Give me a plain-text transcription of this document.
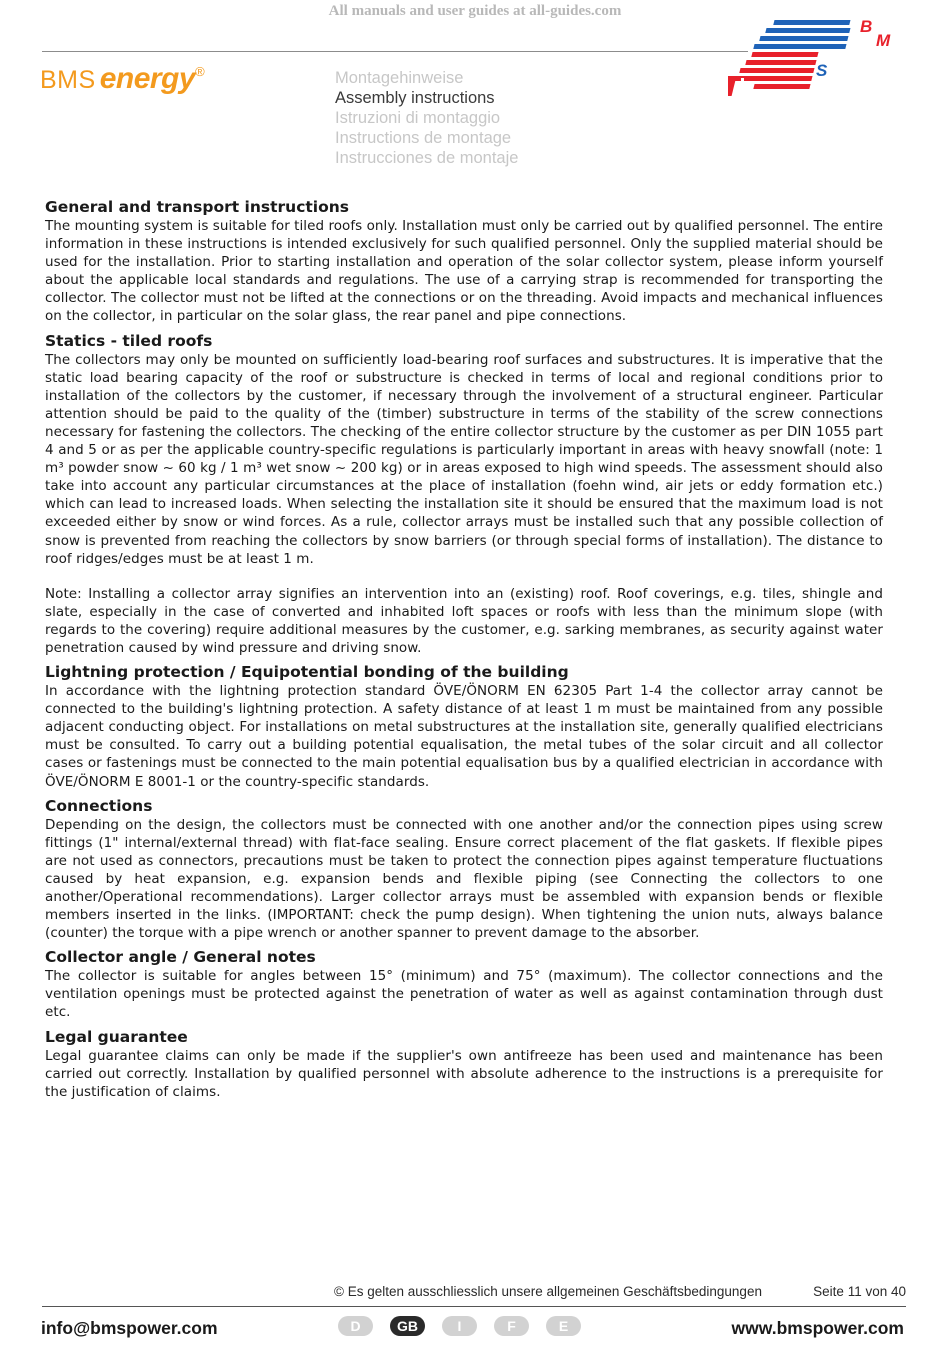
All manuals and user guides at all-guides.com
BMS energy®	Montagehinweise
Assembly instructions
Istruzioni di montaggio
Instructions de montage
Instrucciones de montaje
B
M
S
General and transport instructions

The mounting system is suitable for tiled roofs only. Installation must only be carried out by qualified personnel. The entire information in these instructions is intended exclusively for such qualified personnel. Only the supplied material should be used for the installation. Prior to starting installation and operation of the solar collector system, please inform yourself about the applicable local standards and regulations. The use of a carrying strap is recommended for transporting the collector. The collector must not be lifted at the connections or on the threading. Avoid impacts and mechanical influences on the collector, in particular on the solar glass, the rear panel and pipe connections.

Statics - tiled roofs

The collectors may only be mounted on sufficiently load-bearing roof surfaces and substructures. It is imperative that the static load bearing capacity of the roof or substructure is checked in terms of local and regional conditions prior to installation of the collectors by the customer, if necessary through the involvement of a structural engineer. Particular attention should be paid to the quality of the (timber) substructure in terms of the stability of the screw connections necessary for fastening the collectors. The checking of the entire collector structure by the customer as per DIN 1055 part 4 and 5 or as per the applicable country-specific regulations is particularly important in areas with heavy snowfall (note: 1 m³ powder snow ~ 60 kg / 1 m³ wet snow ~ 200 kg) or in areas exposed to high wind speeds. The assessment should also take into account any particular circumstances at the place of installation (foehn wind, air jets or eddy formation etc.) which can lead to increased loads. When selecting the installation site it should be ensured that the maximum load is not exceeded either by snow or wind forces. As a rule, collector arrays must be installed such that any possible collection of snow is prevented from reaching the collectors by snow barriers (or through special forms of installation). The distance to roof ridges/edges must be at least 1 m.

Note: Installing a collector array signifies an intervention into an (existing) roof. Roof coverings, e.g. tiles, shingle and slate, especially in the case of converted and inhabited loft spaces or roofs with less than the minimum slope (with regards to the covering) require additional measures by the customer, e.g. sarking membranes, as security against water penetration caused by wind pressure and driving snow.

Lightning protection / Equipotential bonding of the building

In accordance with the lightning protection standard ÖVE/ÖNORM EN 62305 Part 1-4 the collector array cannot be connected to the building's lightning protection. A safety distance of at least 1 m must be maintained from any possible adjacent conducting object. For installations on metal substructures at the installation site, generally qualified electricians must be consulted. To carry out a building potential equalisation, the metal tubes of the solar circuit and all collector cases or fastenings must be connected to the main potential equalisation bus by a qualified electrician in accordance with ÖVE/ÖNORM E 8001-1 or the country-specific standards.

Connections

Depending on the design, the collectors must be connected with one another and/or the connection pipes using screw fittings (1" internal/external thread) with flat-face sealing. Ensure correct placement of the flat gaskets. If flexible pipes are not used as connectors, precautions must be taken to protect the connection pipes against temperature fluctuations caused by heat expansion, e.g. expansion bends and flexible piping (see Connecting the collectors to one another/Operational recommendations). Larger collector arrays must be assembled with expansion bends or flexible members inserted in the links. (IMPORTANT: check the pump design). When tightening the union nuts, always balance (counter) the torque with a pipe wrench or another spanner to prevent damage to the absorber.

Collector angle / General notes

The collector is suitable for angles between 15° (minimum) and 75° (maximum). The collector connections and the ventilation openings must be protected against the penetration of water as well as against contamination through dust etc.

Legal guarantee

Legal guarantee claims can only be made if the supplier's own antifreeze has been used and maintenance has been carried out correctly. Installation by qualified personnel with absolute adherence to the instructions is a prerequisite for the justification of claims.

© Es gelten ausschliesslich unsere allgemeinen Geschäftsbedingungen	Seite 11 von 40
info@bmspower.com	D	GB	I	F	E	www.bmspower.com
